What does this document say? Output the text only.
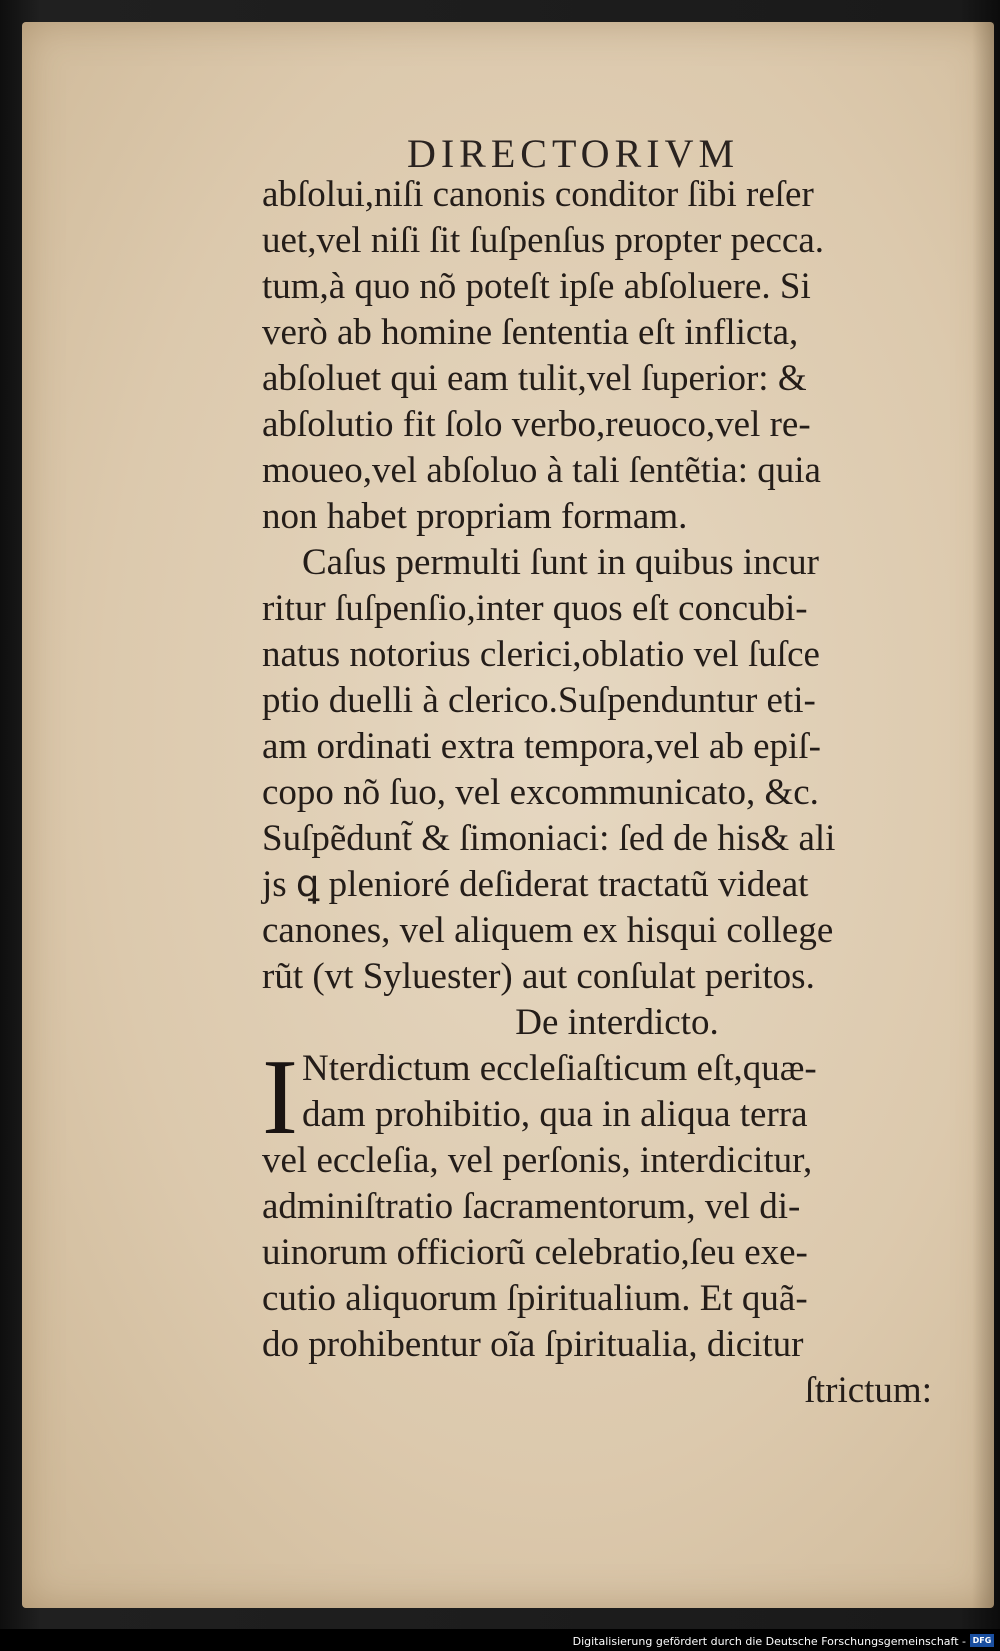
DIRECTORIVM
abſolui,niſi canonis conditor ſibi reſer
uet,vel niſi ſit ſuſpenſus propter pecca.
tum,à quo nõ poteſt ipſe abſoluere. Si
verò ab homine ſententia eſt inflicta,
abſoluet qui eam tulit,vel ſuperior: &
abſolutio fit ſolo verbo,reuoco,vel re-
moueo,vel abſoluo à tali ſentẽtia: quia
non habet propriam formam.
Caſus permulti ſunt in quibus incur
ritur ſuſpenſio,inter quos eſt concubi-
natus notorius clerici,oblatio vel ſuſce
ptio duelli à clerico.Suſpenduntur eti-
am ordinati extra tempora,vel ab epiſ-
copo nõ ſuo, vel excommunicato, &c.
Suſpẽdunt̃ & ſimoniaci: ſed de his& ali
js ꝗ plenioré deſiderat tractatũ videat
canones, vel aliquem ex hisqui college
rũt (vt Syluester) aut conſulat peritos.
De interdicto.
I Nterdictum eccleſiaſticum eſt,quæ-
dam prohibitio, qua in aliqua terra
vel eccleſia, vel perſonis, interdicitur,
adminiſtratio ſacramentorum, vel di-
uinorum officiorũ celebratio,ſeu exe-
cutio aliquorum ſpiritualium. Et quã-
do prohibentur oĩa ſpiritualia, dicitur
ſtrictum:
Digitalisierung gefördert durch die Deutsche Forschungsgemeinschaft - DFG
